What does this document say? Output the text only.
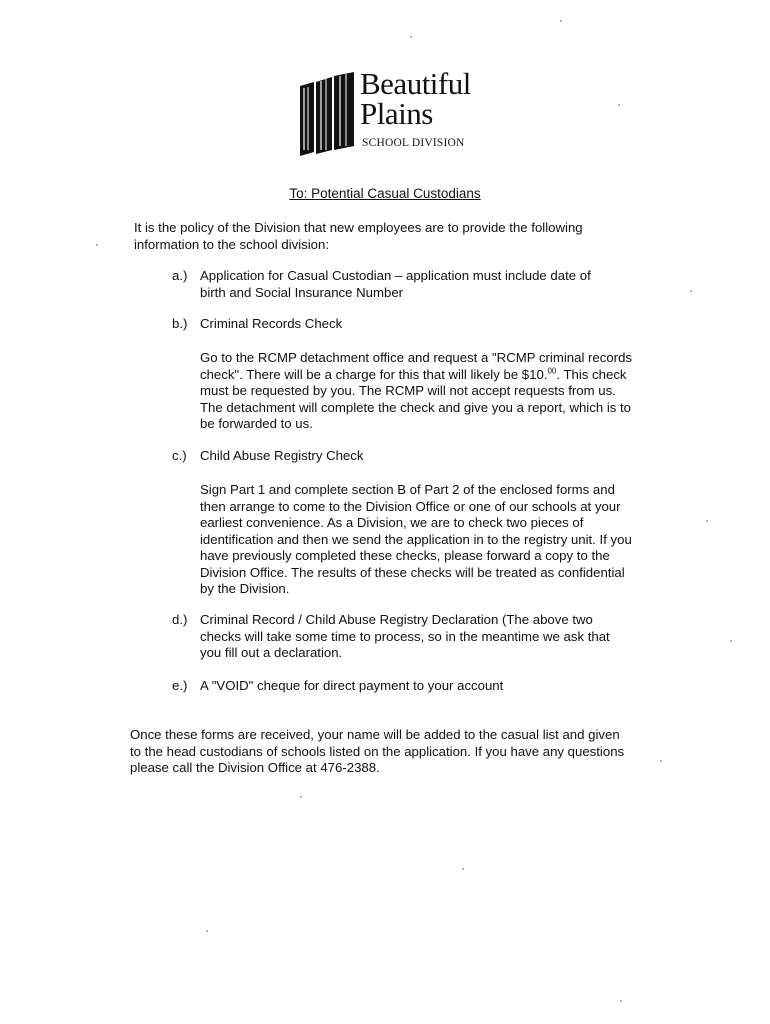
Beautiful
Plains
SCHOOL DIVISION
To: Potential Casual Custodians
It is the policy of the Division that new employees are to provide the following information to the school division:
a.) Application for Casual Custodian – application must include date of birth and Social Insurance Number
b.) Criminal Records Check
Go to the RCMP detachment office and request a "RCMP criminal records check". There will be a charge for this that will likely be $10.00. This check must be requested by you. The RCMP will not accept requests from us. The detachment will complete the check and give you a report, which is to be forwarded to us.
c.) Child Abuse Registry Check
Sign Part 1 and complete section B of Part 2 of the enclosed forms and then arrange to come to the Division Office or one of our schools at your earliest convenience. As a Division, we are to check two pieces of identification and then we send the application in to the registry unit. If you have previously completed these checks, please forward a copy to the Division Office. The results of these checks will be treated as confidential by the Division.
d.) Criminal Record / Child Abuse Registry Declaration (The above two checks will take some time to process, so in the meantime we ask that you fill out a declaration.
e.) A "VOID" cheque for direct payment to your account
Once these forms are received, your name will be added to the casual list and given to the head custodians of schools listed on the application. If you have any questions please call the Division Office at 476-2388.
